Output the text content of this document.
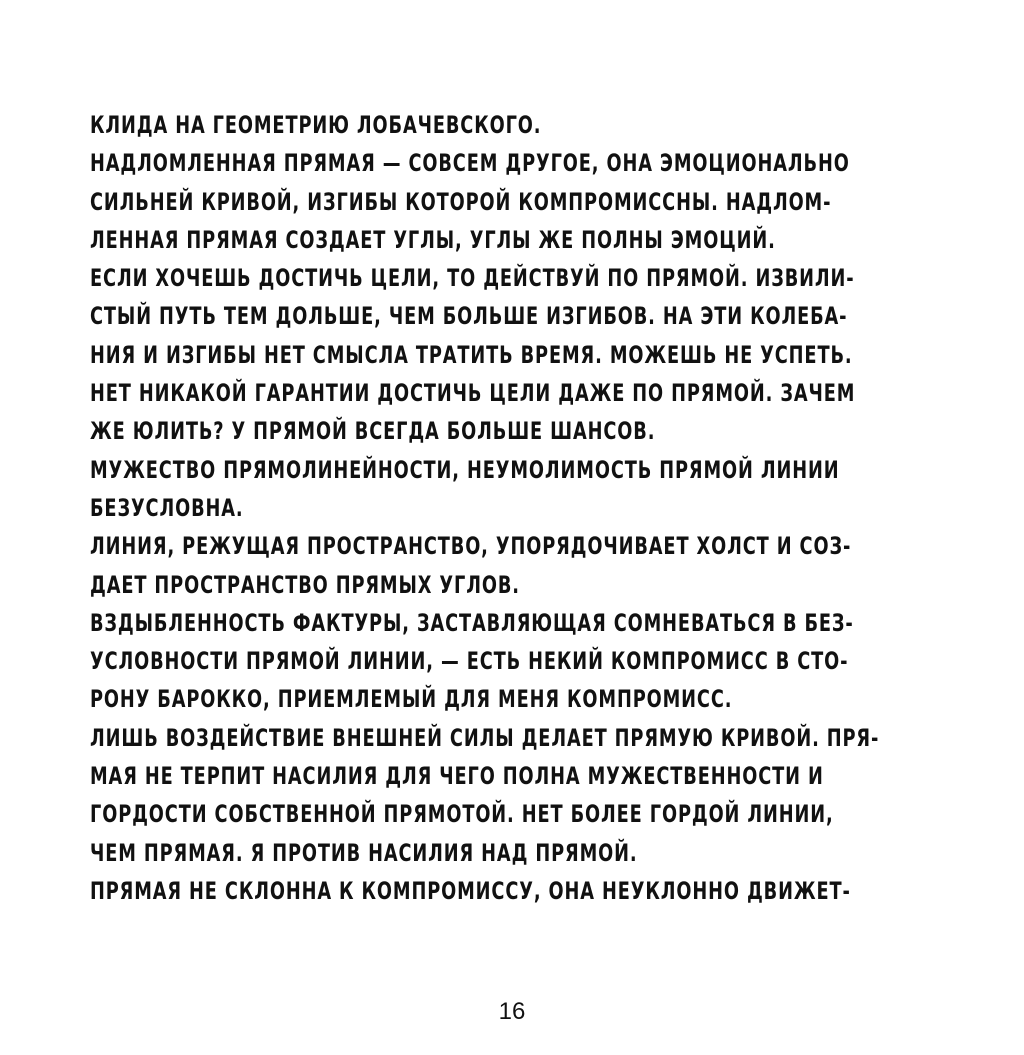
КЛИДА НА ГЕОМЕТРИЮ ЛОБАЧЕВСКОГО.
НАДЛОМЛЕННАЯ ПРЯМАЯ — СОВСЕМ ДРУГОЕ, ОНА ЭМОЦИОНАЛЬНО
СИЛЬНЕЙ КРИВОЙ, ИЗГИБЫ КОТОРОЙ КОМПРОМИССНЫ. НАДЛОМ-
ЛЕННАЯ ПРЯМАЯ СОЗДАЕТ УГЛЫ, УГЛЫ ЖЕ ПОЛНЫ ЭМОЦИЙ.
ЕСЛИ ХОЧЕШЬ ДОСТИЧЬ ЦЕЛИ, ТО ДЕЙСТВУЙ ПО ПРЯМОЙ. ИЗВИЛИ-
СТЫЙ ПУТЬ ТЕМ ДОЛЬШЕ, ЧЕМ БОЛЬШЕ ИЗГИБОВ. НА ЭТИ КОЛЕБА-
НИЯ И ИЗГИБЫ НЕТ СМЫСЛА ТРАТИТЬ ВРЕМЯ. МОЖЕШЬ НЕ УСПЕТЬ.
НЕТ НИКАКОЙ ГАРАНТИИ ДОСТИЧЬ ЦЕЛИ ДАЖЕ ПО ПРЯМОЙ. ЗАЧЕМ
ЖЕ ЮЛИТЬ? У ПРЯМОЙ ВСЕГДА БОЛЬШЕ ШАНСОВ.
МУЖЕСТВО ПРЯМОЛИНЕЙНОСТИ, НЕУМОЛИМОСТЬ ПРЯМОЙ ЛИНИИ
БЕЗУСЛОВНА.
ЛИНИЯ, РЕЖУЩАЯ ПРОСТРАНСТВО, УПОРЯДОЧИВАЕТ ХОЛСТ И СОЗ-
ДАЕТ ПРОСТРАНСТВО ПРЯМЫХ УГЛОВ.
ВЗДЫБЛЕННОСТЬ ФАКТУРЫ, ЗАСТАВЛЯЮЩАЯ СОМНЕВАТЬСЯ В БЕЗ-
УСЛОВНОСТИ ПРЯМОЙ ЛИНИИ, — ЕСТЬ НЕКИЙ КОМПРОМИСС В СТО-
РОНУ БАРОККО, ПРИЕМЛЕМЫЙ ДЛЯ МЕНЯ КОМПРОМИСС.
ЛИШЬ ВОЗДЕЙСТВИЕ ВНЕШНЕЙ СИЛЫ ДЕЛАЕТ ПРЯМУЮ КРИВОЙ. ПРЯ-
МАЯ НЕ ТЕРПИТ НАСИЛИЯ ДЛЯ ЧЕГО ПОЛНА МУЖЕСТВЕННОСТИ И
ГОРДОСТИ СОБСТВЕННОЙ ПРЯМОТОЙ. НЕТ БОЛЕЕ ГОРДОЙ ЛИНИИ,
ЧЕМ ПРЯМАЯ. Я ПРОТИВ НАСИЛИЯ НАД ПРЯМОЙ.
ПРЯМАЯ НЕ СКЛОННА К КОМПРОМИССУ, ОНА НЕУКЛОННО ДВИЖЕТ-
16
